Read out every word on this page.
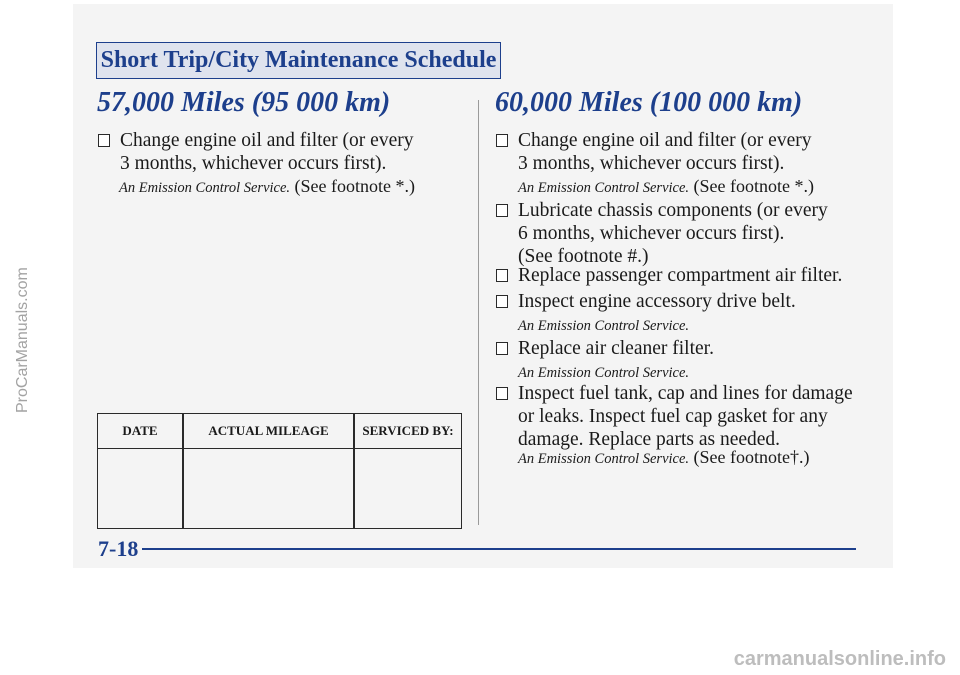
Short Trip/City Maintenance Schedule
57,000 Miles (95 000 km)
Change engine oil and filter (or every
3 months, whichever occurs first).
An Emission Control Service. (See footnote *.)
DATE	ACTUAL MILEAGE	SERVICED BY:
60,000 Miles (100 000 km)
Change engine oil and filter (or every
3 months, whichever occurs first).
An Emission Control Service. (See footnote *.)
Lubricate chassis components (or every
6 months, whichever occurs first).
(See footnote #.)
Replace passenger compartment air filter.
Inspect engine accessory drive belt.
An Emission Control Service.
Replace air cleaner filter.
An Emission Control Service.
Inspect fuel tank, cap and lines for damage
or leaks. Inspect fuel cap gasket for any
damage. Replace parts as needed.
An Emission Control Service. (See footnote†.)
7-18
ProCarManuals.com
carmanualsonline.info
